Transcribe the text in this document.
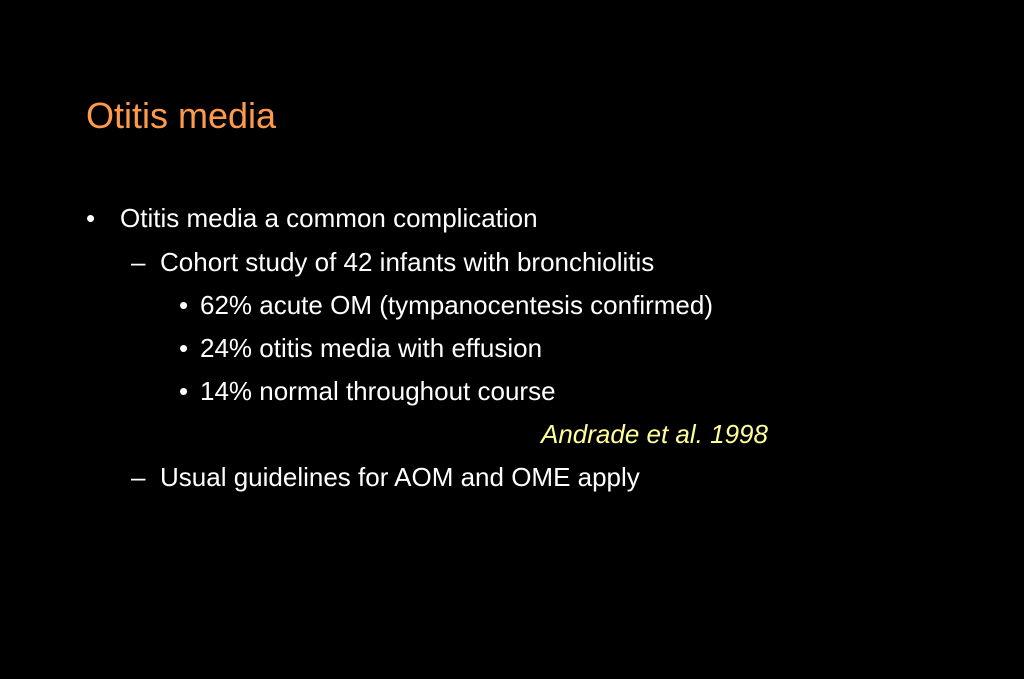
Otitis media
• Otitis media a common complication
– Cohort study of 42 infants with bronchiolitis
• 62% acute OM (tympanocentesis confirmed)
• 24% otitis media with effusion
• 14% normal throughout course
Andrade et al. 1998
– Usual guidelines for AOM and OME apply
